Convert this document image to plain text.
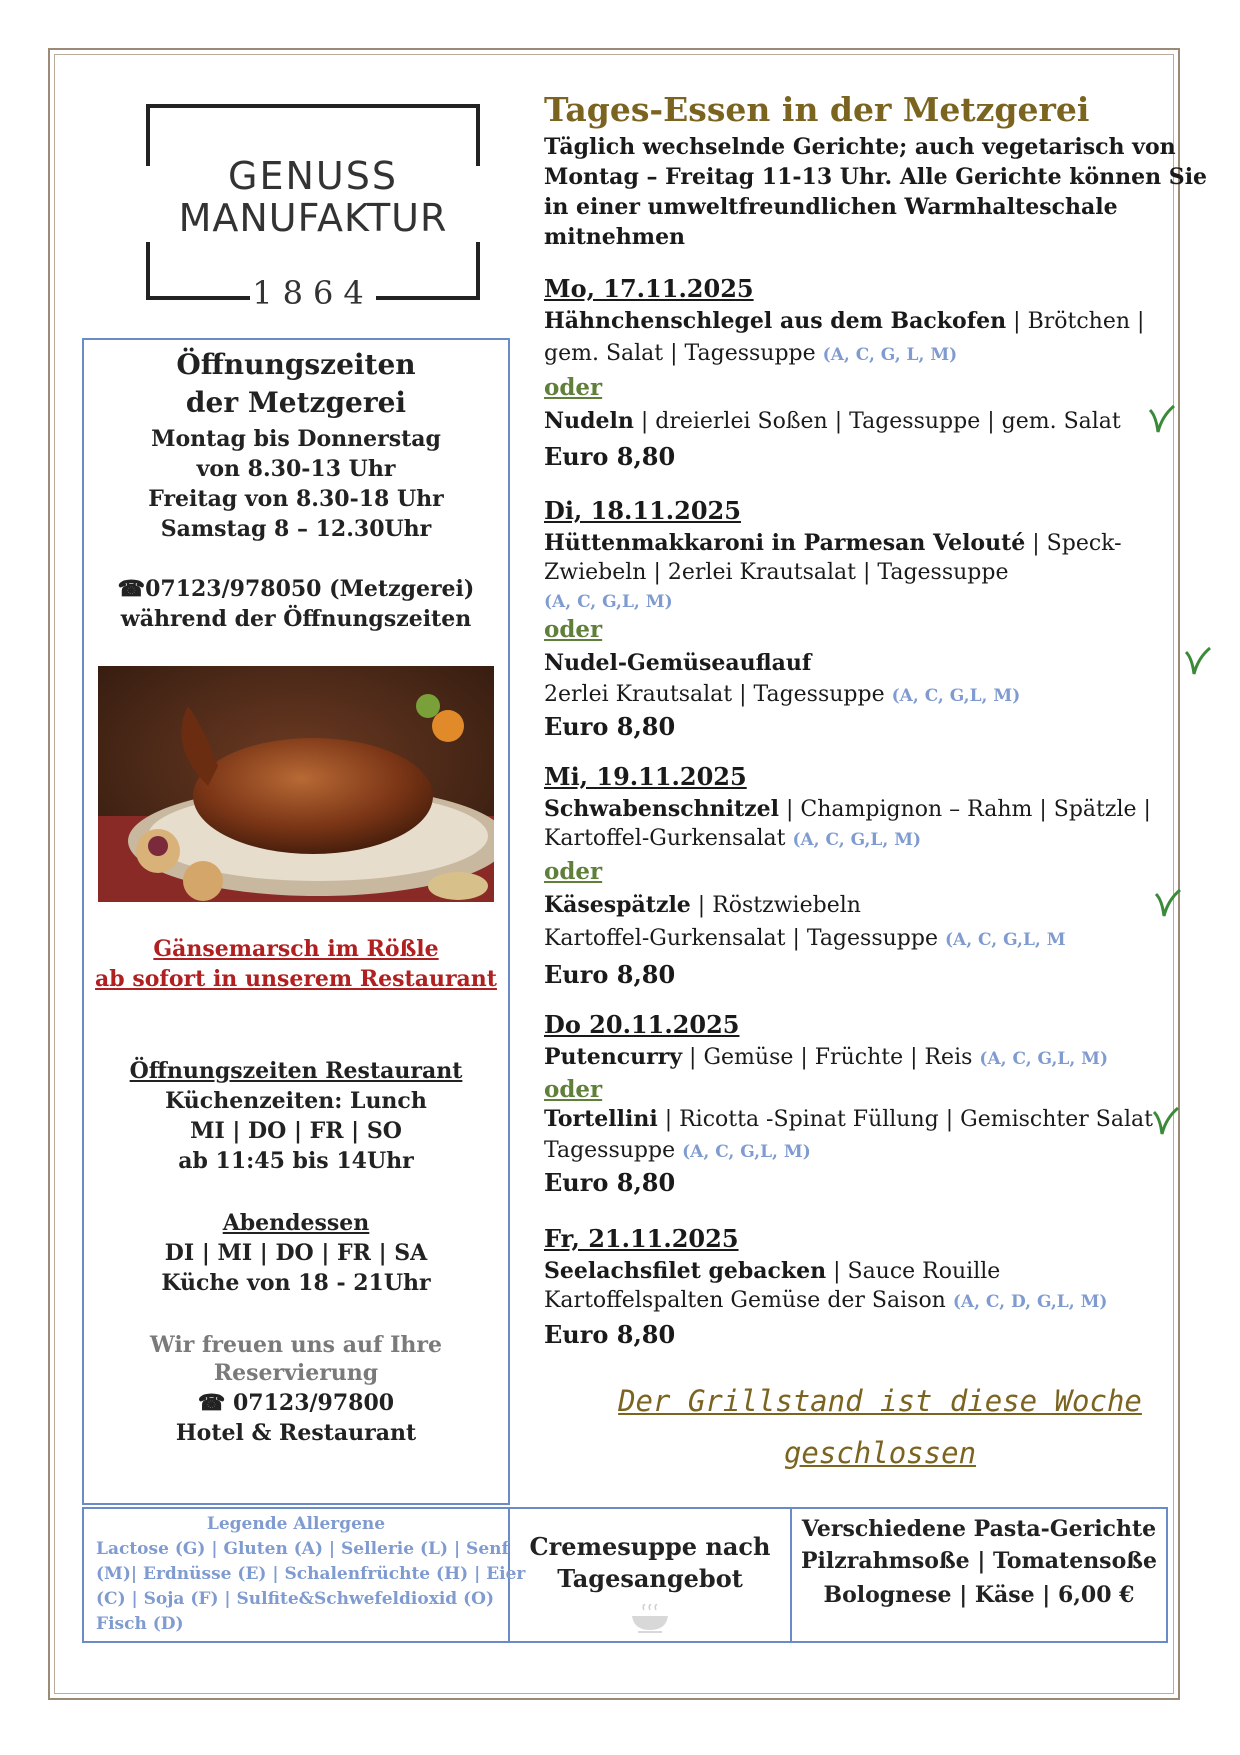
GENUSS
MANUFAKTUR
1864
Öffnungszeiten
der Metzgerei
Montag bis Donnerstag
von 8.30-13 Uhr
Freitag von 8.30-18 Uhr
Samstag 8 – 12.30Uhr
☎07123/978050 (Metzgerei)
während der Öffnungszeiten
Gänsemarsch im Rößle
ab sofort in unserem Restaurant
Öffnungszeiten Restaurant
Küchenzeiten: Lunch
MI | DO | FR | SO
ab 11:45 bis 14Uhr
Abendessen
DI | MI | DO | FR | SA
Küche von 18 - 21Uhr
Wir freuen uns auf Ihre
Reservierung
☎ 07123/97800
Hotel & Restaurant
Tages-Essen in der Metzgerei
Täglich wechselnde Gerichte; auch vegetarisch von
Montag – Freitag 11-13 Uhr. Alle Gerichte können Sie
in einer umweltfreundlichen Warmhalteschale
mitnehmen
Mo, 17.11.2025
Hähnchenschlegel aus dem Backofen | Brötchen |
gem. Salat | Tagessuppe (A, C, G, L, M)
oder
Nudeln | dreierlei Soßen | Tagessuppe | gem. Salat
Euro 8,80
Di, 18.11.2025
Hüttenmakkaroni in Parmesan Velouté | Speck-
Zwiebeln | 2erlei Krautsalat | Tagessuppe
(A, C, G,L, M)
oder
Nudel-Gemüseauflauf
2erlei Krautsalat | Tagessuppe (A, C, G,L, M)
Euro 8,80
Mi, 19.11.2025
Schwabenschnitzel | Champignon – Rahm | Spätzle |
Kartoffel-Gurkensalat (A, C, G,L, M)
oder
Käsespätzle | Röstzwiebeln
Kartoffel-Gurkensalat | Tagessuppe (A, C, G,L, M
Euro 8,80
Do 20.11.2025
Putencurry | Gemüse | Früchte | Reis (A, C, G,L, M)
oder
Tortellini | Ricotta -Spinat Füllung | Gemischter Salat
Tagessuppe (A, C, G,L, M)
Euro 8,80
Fr, 21.11.2025
Seelachsfilet gebacken | Sauce Rouille
Kartoffelspalten Gemüse der Saison (A, C, D, G,L, M)
Euro 8,80
Der Grillstand ist diese Woche
geschlossen
Legende Allergene
Lactose (G) | Gluten (A) | Sellerie (L) | Senf
(M)| Erdnüsse (E) | Schalenfrüchte (H) | Eier
(C) | Soja (F) | Sulfite&Schwefeldioxid (O)
Fisch (D)
Cremesuppe nach
Tagesangebot
Verschiedene Pasta-Gerichte
Pilzrahmsoße | Tomatensoße
Bolognese | Käse | 6,00 €
